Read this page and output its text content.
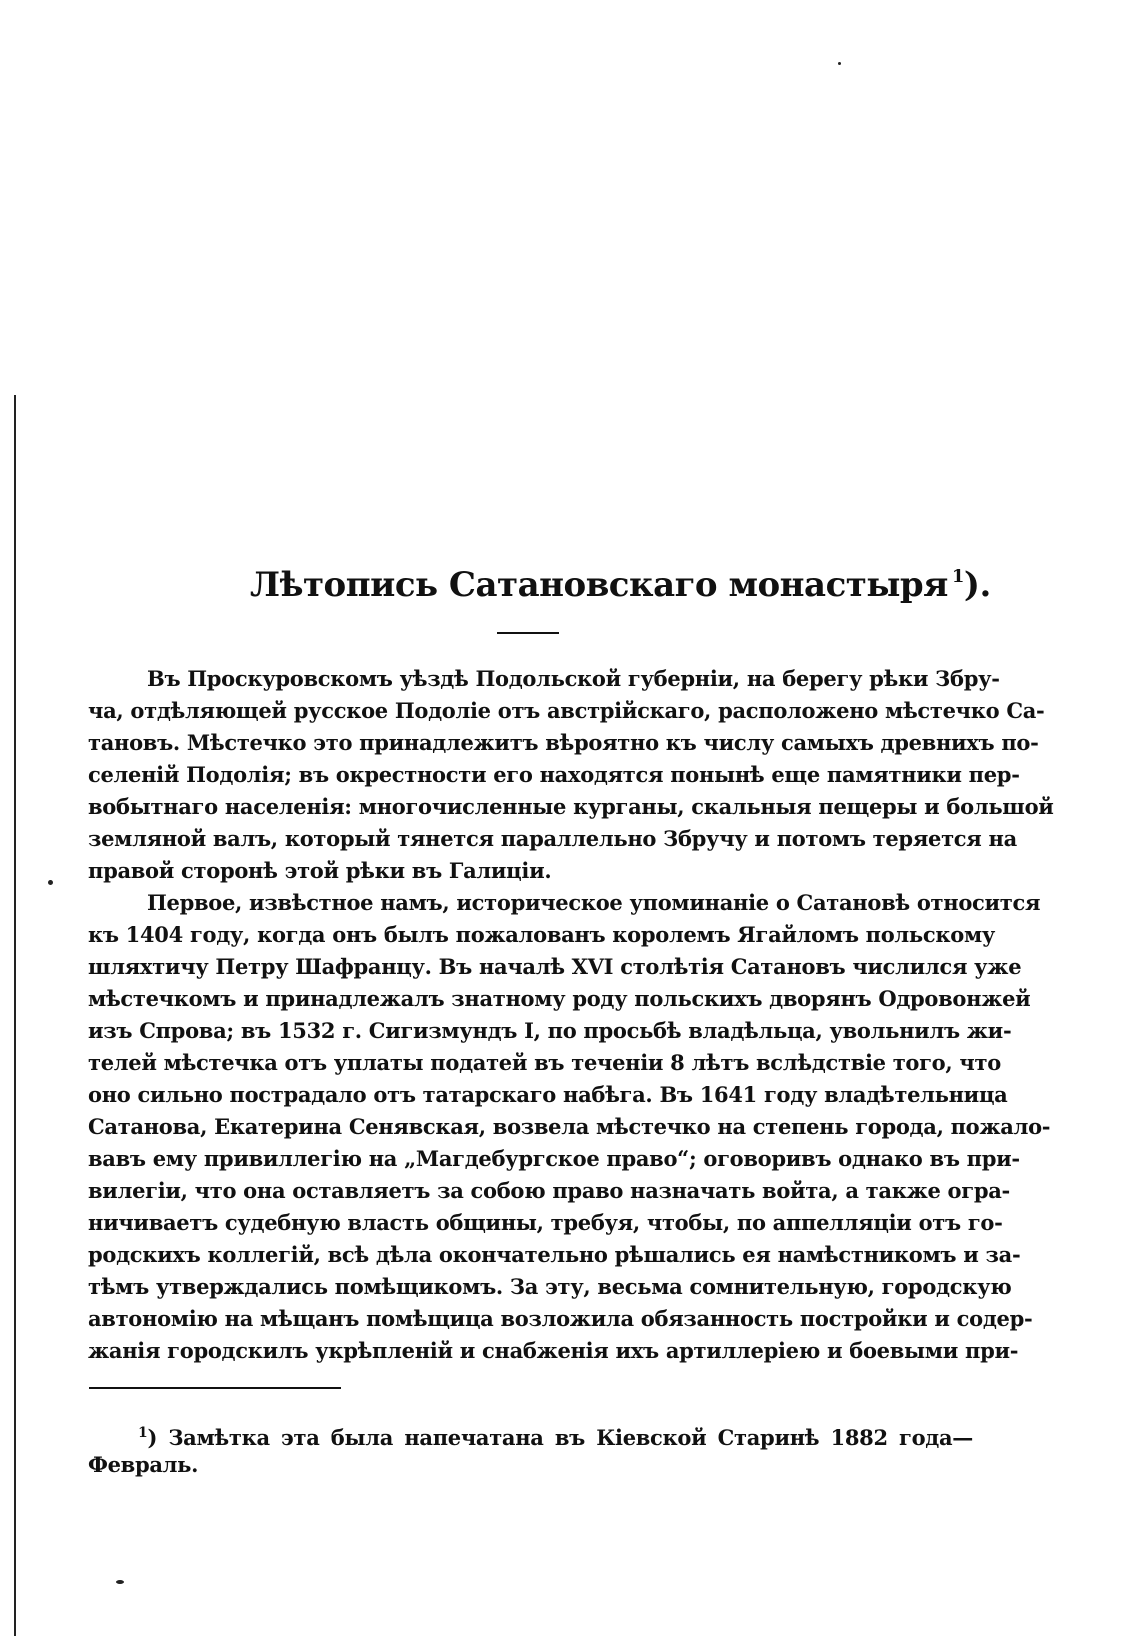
Лѣтопись Сатановскаго монастыря $^1$).
Въ Проскуровскомъ уѣздѣ Подольской губерніи, на берегу рѣки Збру-
ча, отдѣляющей русское Подоліе отъ австрійскаго, расположено мѣстечко Са-
тановъ. Мѣстечко это принадлежитъ вѣроятно къ числу самыхъ древнихъ по-
селеній Подолія; въ окрестности его находятся понынѣ еще памятники пер-
вобытнаго населенія: многочисленные курганы, скальныя пещеры и большой
земляной валъ, который тянется параллельно Збручу и потомъ теряется на
правой сторонѣ этой рѣки въ Галиціи.
Первое, извѣстное намъ, историческое упоминаніе о Сатановѣ относится
къ 1404 году, когда онъ былъ пожалованъ королемъ Ягайломъ польскому
шляхтичу Петру Шафранцу. Въ началѣ XVI столѣтія Сатановъ числился уже
мѣстечкомъ и принадлежалъ знатному роду польскихъ дворянъ Одровонжей
изъ Спрова; въ 1532 г. Сигизмундъ I, по просьбѣ владѣльца, увольнилъ жи-
телей мѣстечка отъ уплаты податей въ теченіи 8 лѣтъ вслѣдствіе того, что
оно сильно пострадало отъ татарскаго набѣга. Въ 1641 году владѣтельница
Сатанова, Екатерина Сенявская, возвела мѣстечко на степень города, пожало-
вавъ ему привиллегію на „Магдебургское право“; оговоривъ однако въ при-
вилегіи, что она оставляетъ за собою право назначать войта, а также огра-
ничиваетъ судебную власть общины, требуя, чтобы, по аппелляціи отъ го-
родскихъ коллегій, всѣ дѣла окончательно рѣшались ея намѣстникомъ и за-
тѣмъ утверждались помѣщикомъ. За эту, весьма сомнительную, городскую
автономію на мѣщанъ помѣщица возложила обязанность постройки и содер-
жанія городскилъ укрѣпленій и снабженія ихъ артиллеріею и боевыми при-
$^1$) Замѣтка эта была напечатана въ Кіевской Старинѣ 1882 года—
Февраль.
